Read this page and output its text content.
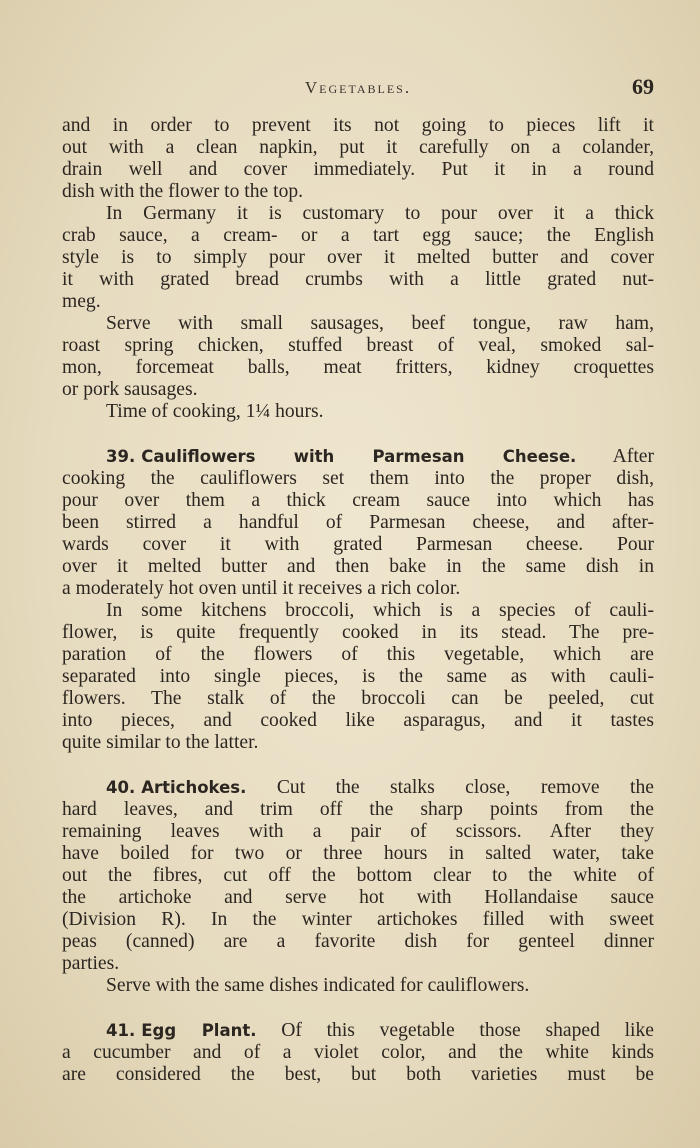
Vegetables.	69
and in order to prevent its not going to pieces lift it
out with a clean napkin, put it carefully on a colander,
drain well and cover immediately. Put it in a round
dish with the flower to the top.
In Germany it is customary to pour over it a thick
crab sauce, a cream- or a tart egg sauce; the English
style is to simply pour over it melted butter and cover
it with grated bread crumbs with a little grated nut-
meg.
Serve with small sausages, beef tongue, raw ham,
roast spring chicken, stuffed breast of veal, smoked sal-
mon, forcemeat balls, meat fritters, kidney croquettes
or pork sausages.
Time of cooking, 1¼ hours.
39. Cauliflowers with Parmesan Cheese. After
cooking the cauliflowers set them into the proper dish,
pour over them a thick cream sauce into which has
been stirred a handful of Parmesan cheese, and after-
wards cover it with grated Parmesan cheese. Pour
over it melted butter and then bake in the same dish in
a moderately hot oven until it receives a rich color.
In some kitchens broccoli, which is a species of cauli-
flower, is quite frequently cooked in its stead. The pre-
paration of the flowers of this vegetable, which are
separated into single pieces, is the same as with cauli-
flowers. The stalk of the broccoli can be peeled, cut
into pieces, and cooked like asparagus, and it tastes
quite similar to the latter.
40. Artichokes. Cut the stalks close, remove the
hard leaves, and trim off the sharp points from the
remaining leaves with a pair of scissors. After they
have boiled for two or three hours in salted water, take
out the fibres, cut off the bottom clear to the white of
the artichoke and serve hot with Hollandaise sauce
(Division R). In the winter artichokes filled with sweet
peas (canned) are a favorite dish for genteel dinner
parties.
Serve with the same dishes indicated for cauliflowers.
41. Egg Plant. Of this vegetable those shaped like
a cucumber and of a violet color, and the white kinds
are considered the best, but both varieties must be
